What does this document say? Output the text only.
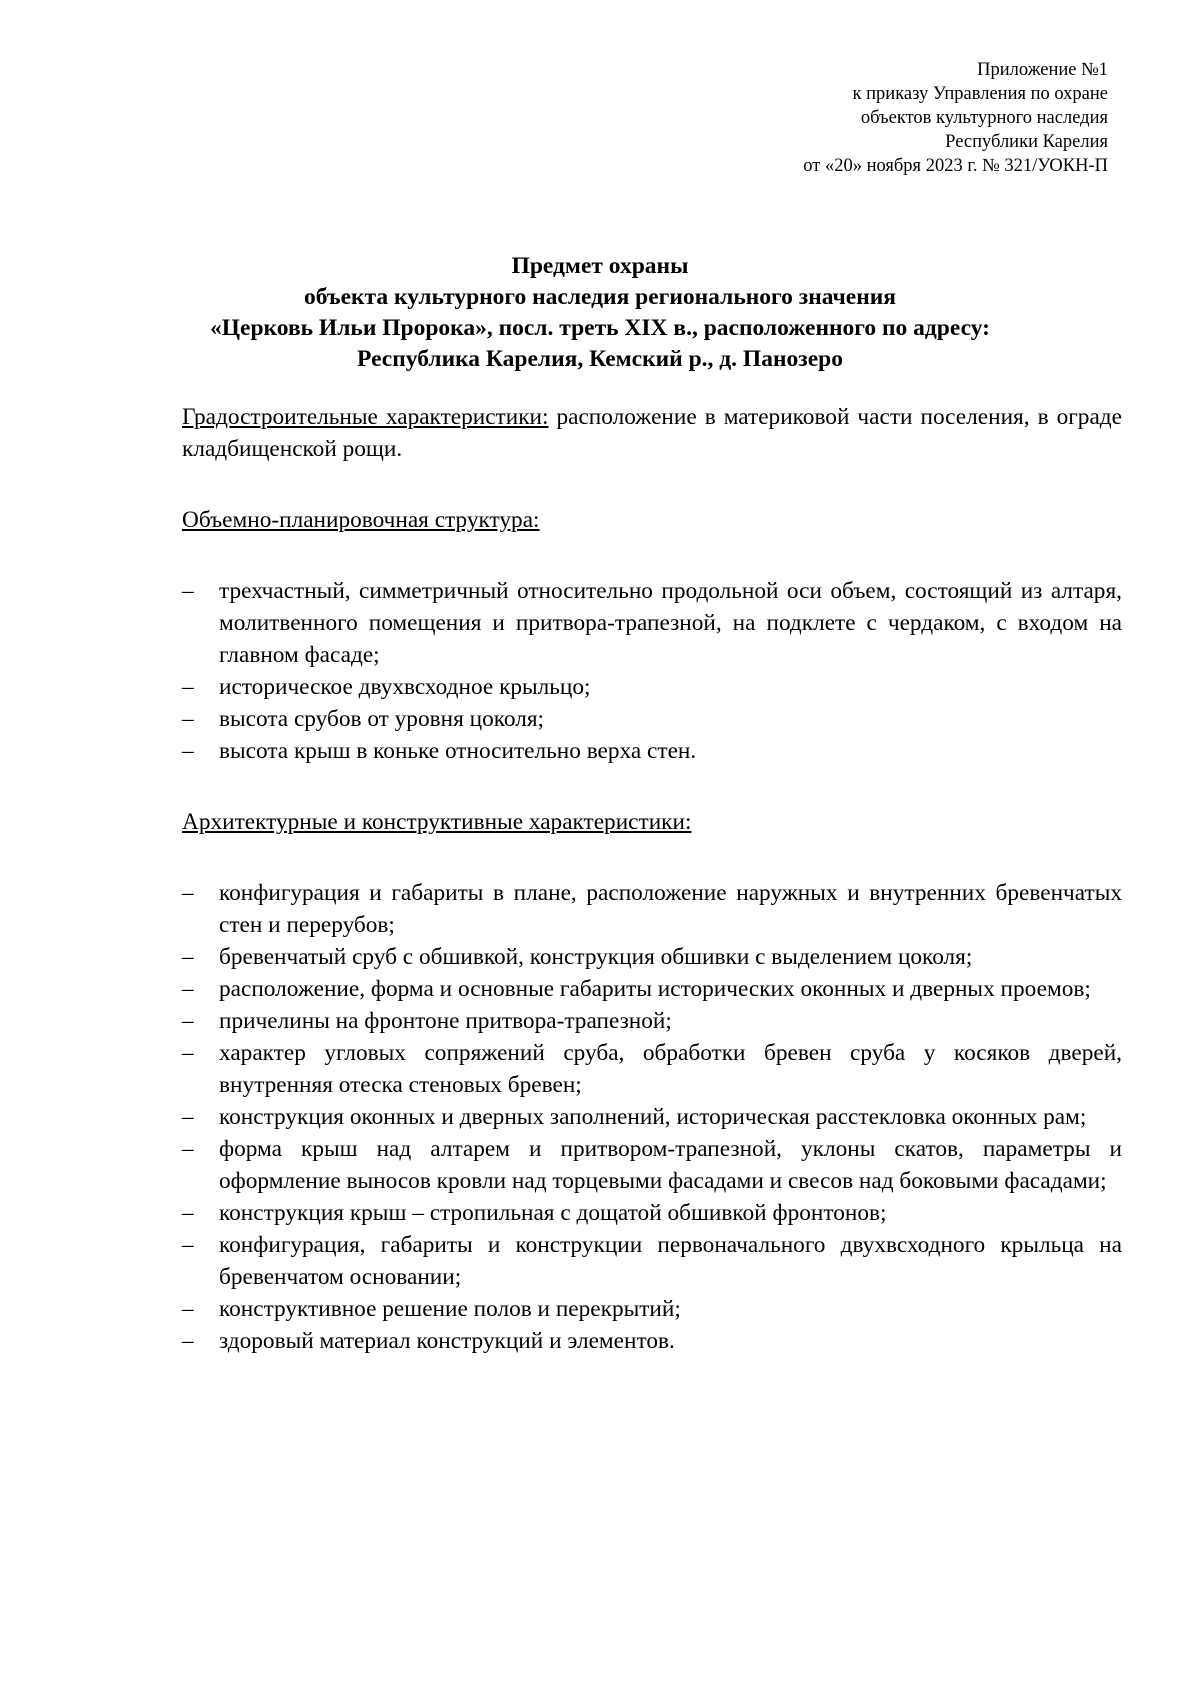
Приложение №1
к приказу Управления по охране
объектов культурного наследия
Республики Карелия
от «20» ноября 2023 г. № 321/УОКН-П
Предмет охраны
объекта культурного наследия регионального значения
«Церковь Ильи Пророка», посл. треть XIX в., расположенного по адресу:
Республика Карелия, Кемский р., д. Панозеро

Градостроительные характеристики: расположение в материковой части поселения, в ограде кладбищенской рощи.

Объемно-планировочная структура:

– трехчастный, симметричный относительно продольной оси объем, состоящий из алтаря, молитвенного помещения и притвора-трапезной, на подклете с чердаком, с входом на главном фасаде;
– историческое двухвсходное крыльцо;
– высота срубов от уровня цоколя;
– высота крыш в коньке относительно верха стен.

Архитектурные и конструктивные характеристики:

– конфигурация и габариты в плане, расположение наружных и внутренних бревенчатых стен и перерубов;
– бревенчатый сруб с обшивкой, конструкция обшивки с выделением цоколя;
– расположение, форма и основные габариты исторических оконных и дверных проемов;
– причелины на фронтоне притвора-трапезной;
– характер угловых сопряжений сруба, обработки бревен сруба у косяков дверей, внутренняя отеска стеновых бревен;
– конструкция оконных и дверных заполнений, историческая расстекловка оконных рам;
– форма крыш над алтарем и притвором-трапезной, уклоны скатов, параметры и оформление выносов кровли над торцевыми фасадами и свесов над боковыми фасадами;
– конструкция крыш – стропильная с дощатой обшивкой фронтонов;
– конфигурация, габариты и конструкции первоначального двухвсходного крыльца на бревенчатом основании;
– конструктивное решение полов и перекрытий;
– здоровый материал конструкций и элементов.
